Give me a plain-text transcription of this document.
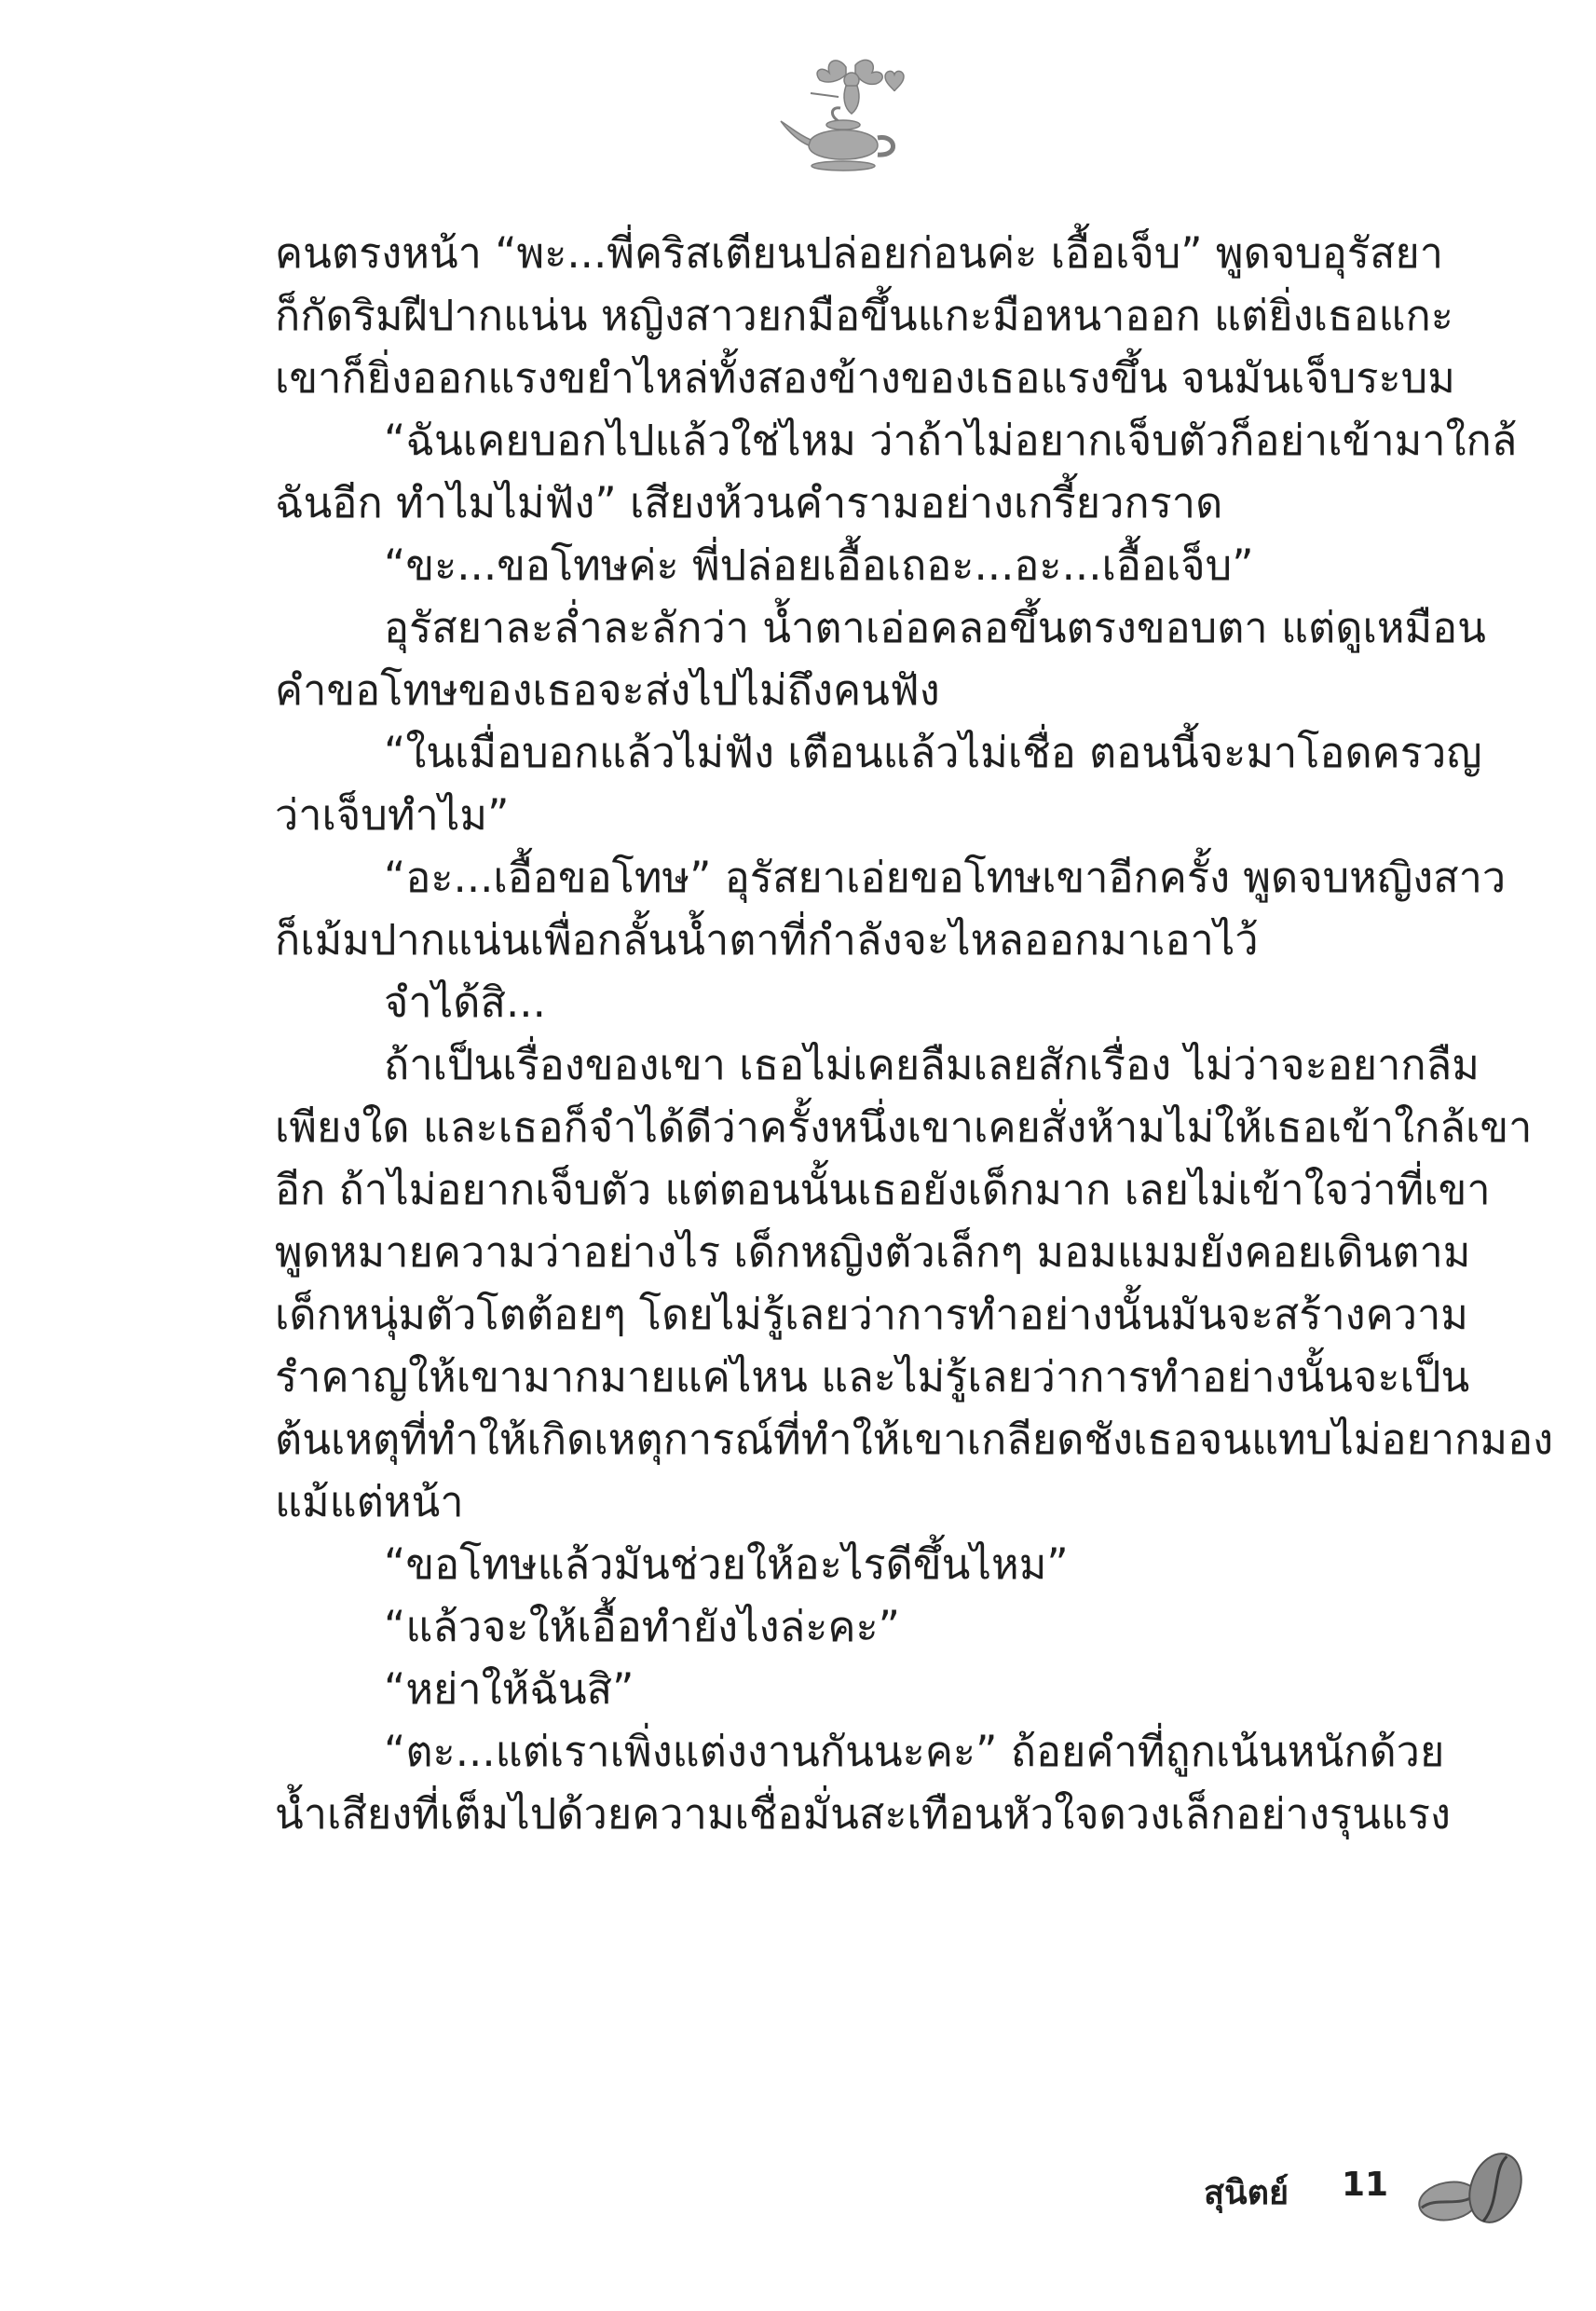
คนตรงหน้า “พะ...พี่คริสเตียนปล่อยก่อนค่ะ เอื้อเจ็บ” พูดจบอุรัสยา
ก็กัดริมฝีปากแน่น หญิงสาวยกมือขึ้นแกะมือหนาออก แต่ยิ่งเธอแกะ
เขาก็ยิ่งออกแรงขยำไหล่ทั้งสองข้างของเธอแรงขึ้น จนมันเจ็บระบม
“ฉันเคยบอกไปแล้วใช่ไหม ว่าถ้าไม่อยากเจ็บตัวก็อย่าเข้ามาใกล้
ฉันอีก ทำไมไม่ฟัง” เสียงห้วนคำรามอย่างเกรี้ยวกราด
“ขะ...ขอโทษค่ะ พี่ปล่อยเอื้อเถอะ...อะ...เอื้อเจ็บ”
อุรัสยาละล่ำละลักว่า น้ำตาเอ่อคลอขึ้นตรงขอบตา แต่ดูเหมือน
คำขอโทษของเธอจะส่งไปไม่ถึงคนฟัง
“ในเมื่อบอกแล้วไม่ฟัง เตือนแล้วไม่เชื่อ ตอนนี้จะมาโอดครวญ
ว่าเจ็บทำไม”
“อะ...เอื้อขอโทษ” อุรัสยาเอ่ยขอโทษเขาอีกครั้ง พูดจบหญิงสาว
ก็เม้มปากแน่นเพื่อกลั้นน้ำตาที่กำลังจะไหลออกมาเอาไว้
จำได้สิ...
ถ้าเป็นเรื่องของเขา เธอไม่เคยลืมเลยสักเรื่อง ไม่ว่าจะอยากลืม
เพียงใด และเธอก็จำได้ดีว่าครั้งหนึ่งเขาเคยสั่งห้ามไม่ให้เธอเข้าใกล้เขา
อีก ถ้าไม่อยากเจ็บตัว แต่ตอนนั้นเธอยังเด็กมาก เลยไม่เข้าใจว่าที่เขา
พูดหมายความว่าอย่างไร เด็กหญิงตัวเล็กๆ มอมแมมยังคอยเดินตาม
เด็กหนุ่มตัวโตต้อยๆ โดยไม่รู้เลยว่าการทำอย่างนั้นมันจะสร้างความ
รำคาญให้เขามากมายแค่ไหน และไม่รู้เลยว่าการทำอย่างนั้นจะเป็น
ต้นเหตุที่ทำให้เกิดเหตุการณ์ที่ทำให้เขาเกลียดชังเธอจนแทบไม่อยากมอง
แม้แต่หน้า
“ขอโทษแล้วมันช่วยให้อะไรดีขึ้นไหม”
“แล้วจะให้เอื้อทำยังไงล่ะคะ”
“หย่าให้ฉันสิ”
“ตะ...แต่เราเพิ่งแต่งงานกันนะคะ” ถ้อยคำที่ถูกเน้นหนักด้วย
น้ำเสียงที่เต็มไปด้วยความเชื่อมั่นสะเทือนหัวใจดวงเล็กอย่างรุนแรง
สุนิตย์ 11
